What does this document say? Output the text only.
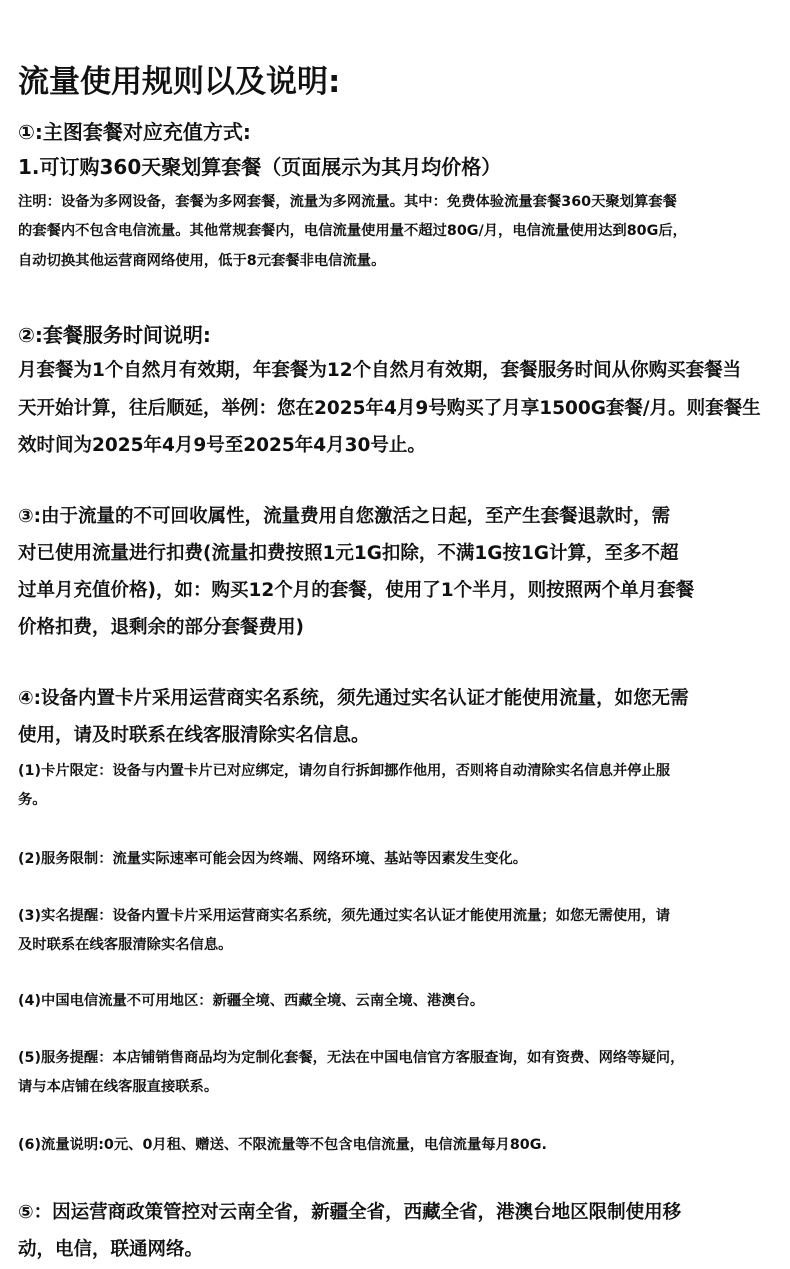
流量使用规则以及说明:

①:主图套餐对应充值方式:

1.可订购360天聚划算套餐（页面展示为其月均价格）

注明：设备为多网设备，套餐为多网套餐，流量为多网流量。其中：免费体验流量套餐360天聚划算套餐

的套餐内不包含电信流量。其他常规套餐内，电信流量使用量不超过80G/月，电信流量使用达到80G后，

自动切换其他运营商网络使用，低于8元套餐非电信流量。

②:套餐服务时间说明:

月套餐为1个自然月有效期，年套餐为12个自然月有效期，套餐服务时间从你购买套餐当

天开始计算，往后顺延，举例：您在2025年4月9号购买了月享1500G套餐/月。则套餐生

效时间为2025年4月9号至2025年4月30号止。

③:由于流量的不可回收属性，流量费用自您激活之日起，至产生套餐退款时，需

对已使用流量进行扣费(流量扣费按照1元1G扣除，不满1G按1G计算，至多不超

过单月充值价格)，如：购买12个月的套餐，使用了1个半月，则按照两个单月套餐

价格扣费，退剩余的部分套餐费用)

④:设备内置卡片采用运营商实名系统，须先通过实名认证才能使用流量，如您无需

使用，请及时联系在线客服清除实名信息。

(1)卡片限定：设备与内置卡片已对应绑定，请勿自行拆卸挪作他用，否则将自动清除实名信息并停止服

务。

(2)服务限制：流量实际速率可能会因为终端、网络环境、基站等因素发生变化。

(3)实名提醒：设备内置卡片采用运营商实名系统，须先通过实名认证才能使用流量；如您无需使用，请

及时联系在线客服清除实名信息。

(4)中国电信流量不可用地区：新疆全境、西藏全境、云南全境、港澳台。

(5)服务提醒：本店铺销售商品均为定制化套餐，无法在中国电信官方客服查询，如有资费、网络等疑问，

请与本店铺在线客服直接联系。

(6)流量说明:0元、0月租、赠送、不限流量等不包含电信流量，电信流量每月80G.

⑤：因运营商政策管控对云南全省，新疆全省，西藏全省，港澳台地区限制使用移

动，电信，联通网络。
